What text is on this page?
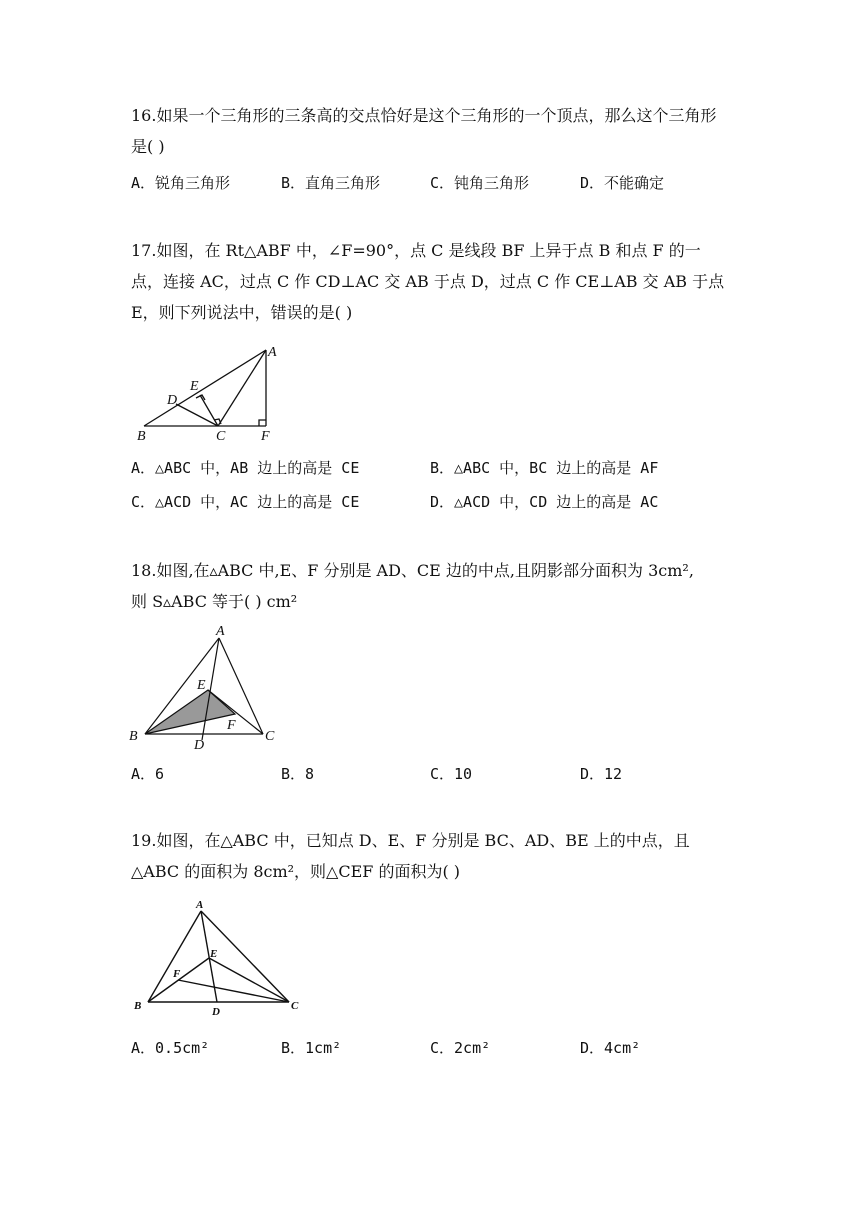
16.如果一个三角形的三条高的交点恰好是这个三角形的一个顶点，那么这个三角形是( )

A．锐角三角形	B．直角三角形	C．钝角三角形	D．不能确定

17.如图，在 Rt△ABF 中，∠F=90°，点 C 是线段 BF 上异于点 B 和点 F 的一点，连接 AC，过点 C 作 CD⊥AC 交 AB 于点 D，过点 C 作 CE⊥AB 交 AB 于点 E，则下列说法中，错误的是( )

A
E
D
B	C	F
A．△ABC 中，AB 边上的高是 CE	B．△ABC 中，BC 边上的高是 AF
C．△ACD 中，AC 边上的高是 CE	D．△ACD 中，CD 边上的高是 AC

18.如图,在▵ABC 中,E、F 分别是 AD、CE 边的中点,且阴影部分面积为 3cm²,

则 S▵ABC 等于( ) cm²

A
E
F
B
D
C
A．6	B．8	C．10	D．12

19.如图，在△ABC 中，已知点 D、E、F 分别是 BC、AD、BE 上的中点，且△ABC 的面积为 8cm²，则△CEF 的面积为( )

A
E
F
B	D	C
A．0.5cm²	B．1cm²	C．2cm²	D．4cm²
